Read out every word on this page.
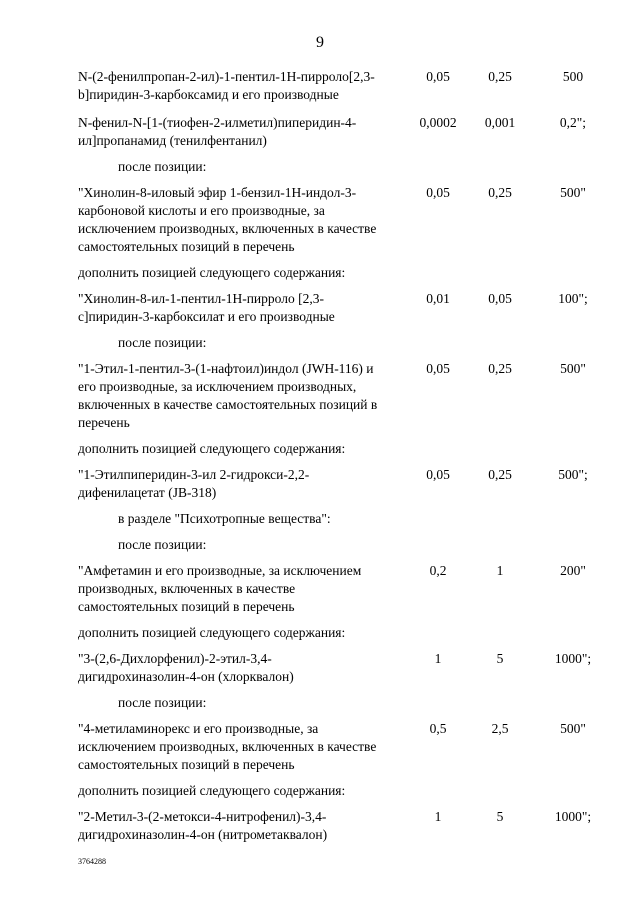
9
N-(2-фенилпропан-2-ил)-1-пентил-1Н-пирроло[2,3-b]пиридин-3-карбоксамид и его производные
0,05	0,25	500
N-фенил-N-[1-(тиофен-2-илметил)пиперидин-4-ил]пропанамид (тенилфентанил)
0,0002	0,001	0,2";
после позиции:
"Хинолин-8-иловый эфир 1-бензил-1Н-индол-3-карбоновой кислоты и его производные, за исключением производных, включенных в качестве самостоятельных позиций в перечень
0,05	0,25	500"
дополнить позицией следующего содержания:
"Хинолин-8-ил-1-пентил-1Н-пирроло [2,3-c]пиридин-3-карбоксилат и его производные
0,01	0,05	100";
после позиции:
"1-Этил-1-пентил-3-(1-нафтоил)индол (JWH-116) и его производные, за исключением производных, включенных в качестве самостоятельных позиций в перечень
0,05	0,25	500"
дополнить позицией следующего содержания:
"1-Этилпиперидин-3-ил 2-гидрокси-2,2-дифенилацетат (JB-318)
0,05	0,25	500";
в разделе "Психотропные вещества":
после позиции:
"Амфетамин и его производные, за исключением производных, включенных в качестве самостоятельных позиций в перечень
0,2	1	200"
дополнить позицией следующего содержания:
"3-(2,6-Дихлорфенил)-2-этил-3,4-дигидрохиназолин-4-он (хлорквалон)
1	5	1000";
после позиции:
"4-метиламинорекс и его производные, за исключением производных, включенных в качестве самостоятельных позиций в перечень
0,5	2,5	500"
дополнить позицией следующего содержания:
"2-Метил-3-(2-метокси-4-нитрофенил)-3,4-дигидрохиназолин-4-он (нитрометаквалон)
1	5	1000";
3764288
